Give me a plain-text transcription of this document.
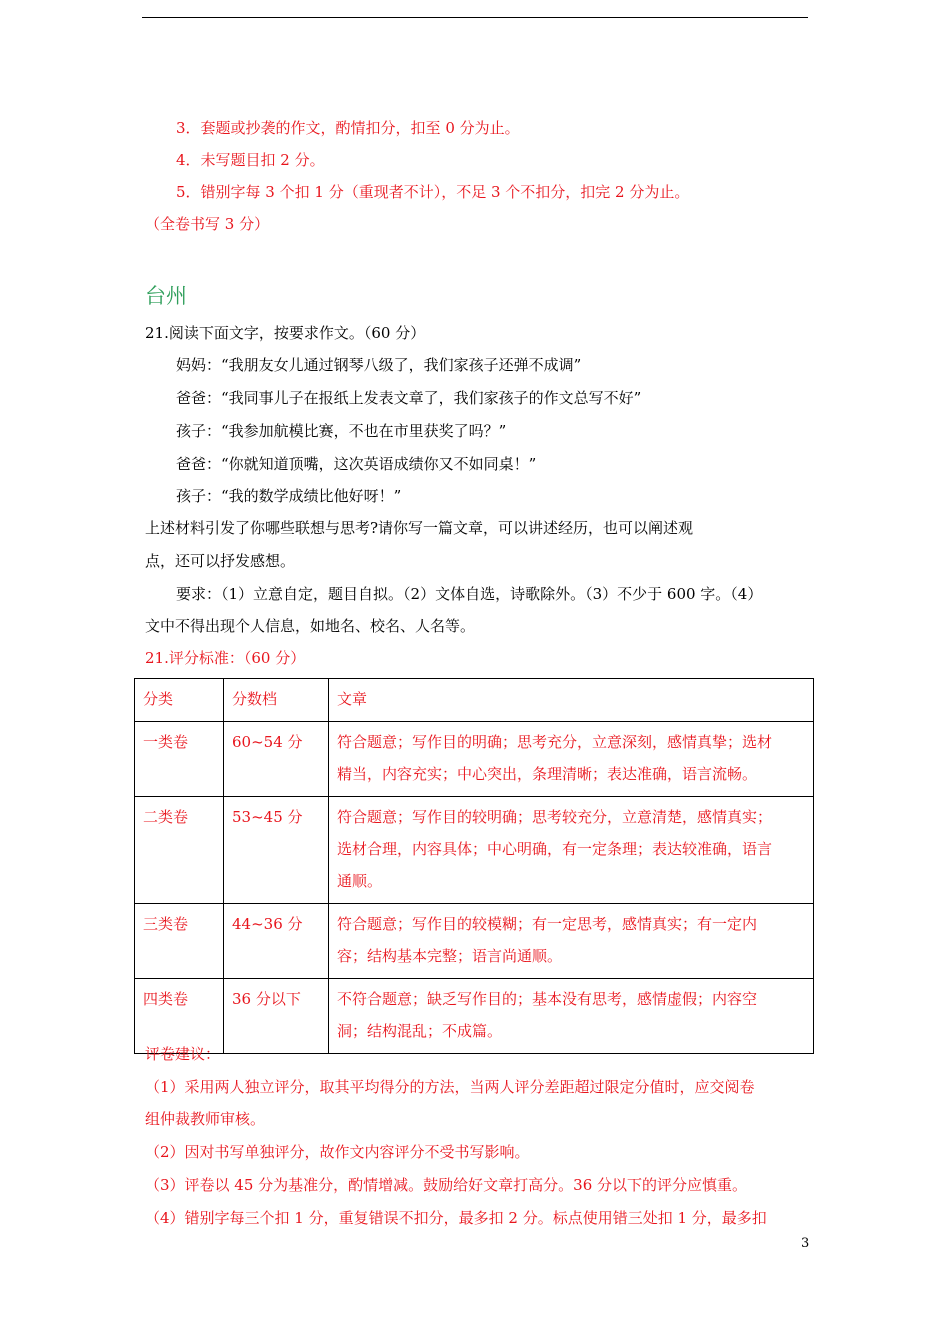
3．套题或抄袭的作文，酌情扣分，扣至 0 分为止。
4．未写题目扣 2 分。
5．错别字每 3 个扣 1 分（重现者不计），不足 3 个不扣分，扣完 2 分为止。
（全卷书写 3 分）
台州
21.阅读下面文字，按要求作文。（60 分）
妈妈：“我朋友女儿通过钢琴八级了，我们家孩子还弹不成调”
爸爸：“我同事儿子在报纸上发表文章了，我们家孩子的作文总写不好”
孩子：“我参加航模比赛，不也在市里获奖了吗？”
爸爸：“你就知道顶嘴，这次英语成绩你又不如同桌！”
孩子：“我的数学成绩比他好呀！”
上述材料引发了你哪些联想与思考?请你写一篇文章，可以讲述经历，也可以阐述观
点，还可以抒发感想。
要求：（1）立意自定，题目自拟。（2）文体自选，诗歌除外。（3）不少于 600 字。（4）
文中不得出现个人信息，如地名、校名、人名等。
21.评分标准：（60 分）
分类	分数档	文章
一类卷	60~54 分	符合题意；写作目的明确；思考充分，立意深刻，感情真挚；选材
精当，内容充实；中心突出，条理清晰；表达准确，语言流畅。

二类卷	53~45 分	符合题意；写作目的较明确；思考较充分，立意清楚，感情真实；
选材合理，内容具体；中心明确，有一定条理；表达较准确，语言
通顺。

三类卷	44~36 分	符合题意；写作目的较模糊；有一定思考，感情真实；有一定内
容；结构基本完整；语言尚通顺。

四类卷	36 分以下	不符合题意；缺乏写作目的；基本没有思考，感情虚假；内容空
洞；结构混乱；不成篇。
评卷建议：
（1）采用两人独立评分，取其平均得分的方法，当两人评分差距超过限定分值时，应交阅卷
组仲裁教师审核。
（2）因对书写单独评分，故作文内容评分不受书写影响。
（3）评卷以 45 分为基准分，酌情增减。鼓励给好文章打高分。36 分以下的评分应慎重。
（4）错别字每三个扣 1 分，重复错误不扣分，最多扣 2 分。标点使用错三处扣 1 分，最多扣
3
